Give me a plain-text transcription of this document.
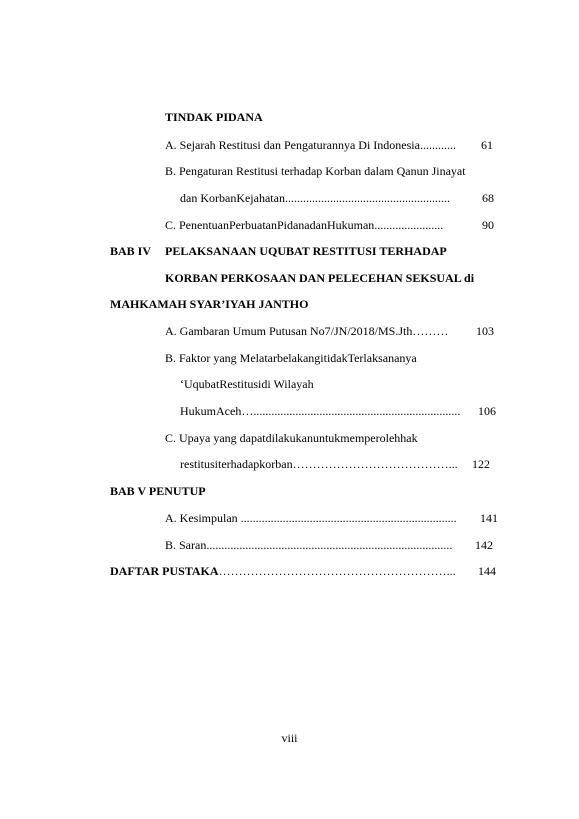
TINDAK PIDANA
A. Sejarah Restitusi dan Pengaturannya Di Indonesia............ 61
B. Pengaturan Restitusi terhadap Korban dalam Qanun Jinayat
dan KorbanKejahatan.......................................................	68
C. PenentuanPerbuatanPidanadanHukuman.......................	90
BAB IV PELAKSANAAN UQUBAT RESTITUSI TERHADAP
KORBAN PERKOSAAN DAN PELECEHAN SEKSUAL di
MAHKAMAH SYAR’IYAH JANTHO
A. Gambaran Umum Putusan No7/JN/2018/MS.Jth……… 103
B. Faktor yang MelatarbelakangitidakTerlaksananya
‘UqubatRestitusidi Wilayah
HukumAceh…..................................................................... 106
C. Upaya yang dapatdilakukanuntukmemperolehhak
restitusiterhadapkorban…………………………………... 122
BAB V PENUTUP
A. Kesimpulan ........................................................................ 141
B. Saran.................................................................................. 142
DAFTAR PUSTAKA…………………………………………………... 144
viii
